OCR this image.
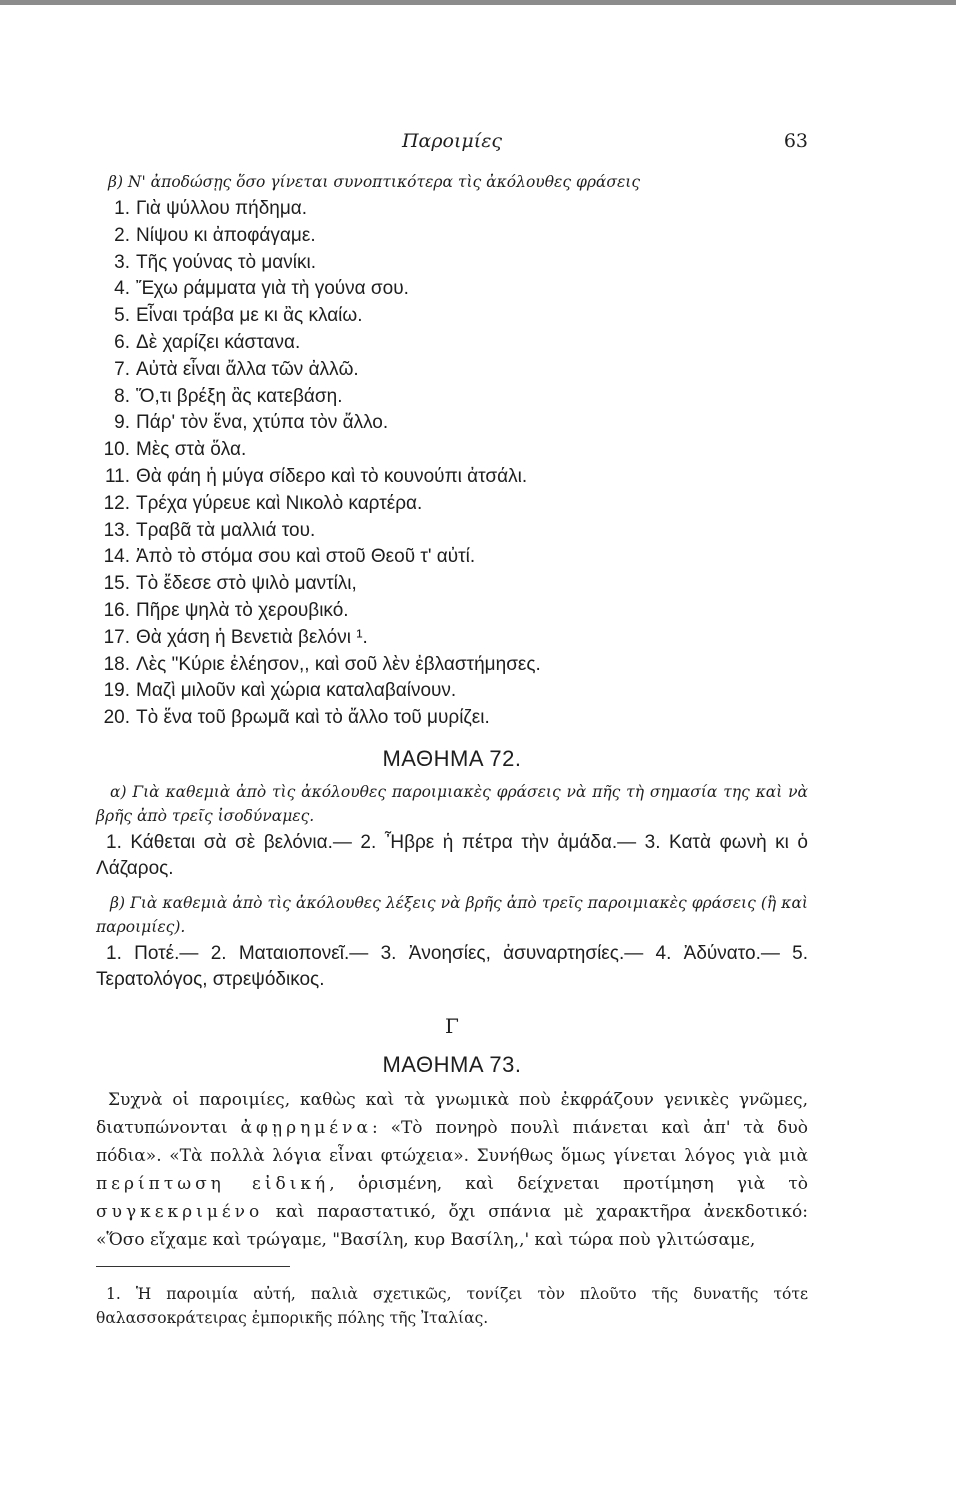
Παροιμίες	63
β) Ν' ἀποδώσῃς ὅσο γίνεται συνοπτικότερα τὶς ἀκόλουθες φράσεις
1. Γιὰ ψύλλου πήδημα.
2. Νίψου κι ἀποφάγαμε.
3. Τῆς γούνας τὸ μανίκι.
4. Ἔχω ράμματα γιὰ τὴ γούνα σου.
5. Εἶναι τράβα με κι ἂς κλαίω.
6. Δὲ χαρίζει κάστανα.
7. Αὐτὰ εἶναι ἄλλα τῶν ἀλλῶ.
8. Ὅ,τι βρέξη ἂς κατεβάση.
9. Πάρ' τὸν ἕνα, χτύπα τὸν ἄλλο.
10. Μὲς στὰ ὅλα.
11. Θὰ φάη ἡ μύγα σίδερο καὶ τὸ κουνούπι ἀτσάλι.
12. Τρέχα γύρευε καὶ Νικολὸ καρτέρα.
13. Τραβᾶ τὰ μαλλιά του.
14. Ἀπὸ τὸ στόμα σου καὶ στοῦ Θεοῦ τ' αὐτί.
15. Τὸ ἔδεσε στὸ ψιλὸ μαντίλι,
16. Πῆρε ψηλὰ τὸ χερουβικό.
17. Θὰ χάση ἡ Βενετιὰ βελόνι ¹.
18. Λὲς "Κύριε ἐλέησον,, καὶ σοῦ λὲν ἐβλαστήμησες.
19. Μαζὶ μιλοῦν καὶ χώρια καταλαβαίνουν.
20. Τὸ ἕνα τοῦ βρωμᾶ καὶ τὸ ἄλλο τοῦ μυρίζει.
ΜΑΘΗΜΑ 72.
α) Γιὰ καθεμιὰ ἀπὸ τὶς ἀκόλουθες παροιμιακὲς φράσεις νὰ πῆς τὴ σημασία της καὶ νὰ βρῆς ἀπὸ τρεῖς ἰσοδύναμες.

1. Κάθεται σὰ σὲ βελόνια.— 2. Ἦβρε ἡ πέτρα τὴν ἀμάδα.— 3. Κατὰ φωνὴ κι ὁ Λάζαρος.

β) Γιὰ καθεμιὰ ἀπὸ τὶς ἀκόλουθες λέξεις νὰ βρῆς ἀπὸ τρεῖς παροιμιακὲς φράσεις (ἢ καὶ παροιμίες).

1. Ποτέ.— 2. Ματαιοπονεῖ.— 3. Ἀνοησίες, ἀσυναρτησίες.— 4. Ἀδύνατο.— 5. Τερατολόγος, στρεψόδικος.

Γ
ΜΑΘΗΜΑ 73.

Συχνὰ οἱ παροιμίες, καθὼς καὶ τὰ γνωμικὰ ποὺ ἐκφράζουν γενικὲς γνῶμες, διατυπώνονται ἀφῃρημένα: «Τὸ πονηρὸ πουλὶ πιάνεται καὶ ἀπ' τὰ δυὸ πόδια». «Τὰ πολλὰ λόγια εἶναι φτώχεια». Συνήθως ὅμως γίνεται λόγος γιὰ μιὰ περίπτωση εἰδική, ὁρισμένη, καὶ δείχνεται προτίμηση γιὰ τὸ συγκεκριμένο καὶ παραστατικό, ὄχι σπάνια μὲ χαρακτῆρα ἀνεκδοτικό: «Ὅσο εἴχαμε καὶ τρώγαμε, "Βασίλη, κυρ Βασίλη,,' καὶ τώρα ποὺ γλιτώσαμε,

1. Ἡ παροιμία αὐτή, παλιὰ σχετικῶς, τονίζει τὸν πλοῦτο τῆς δυνατῆς τότε θαλασσοκράτειρας ἐμπορικῆς πόλης τῆς Ἰταλίας.
